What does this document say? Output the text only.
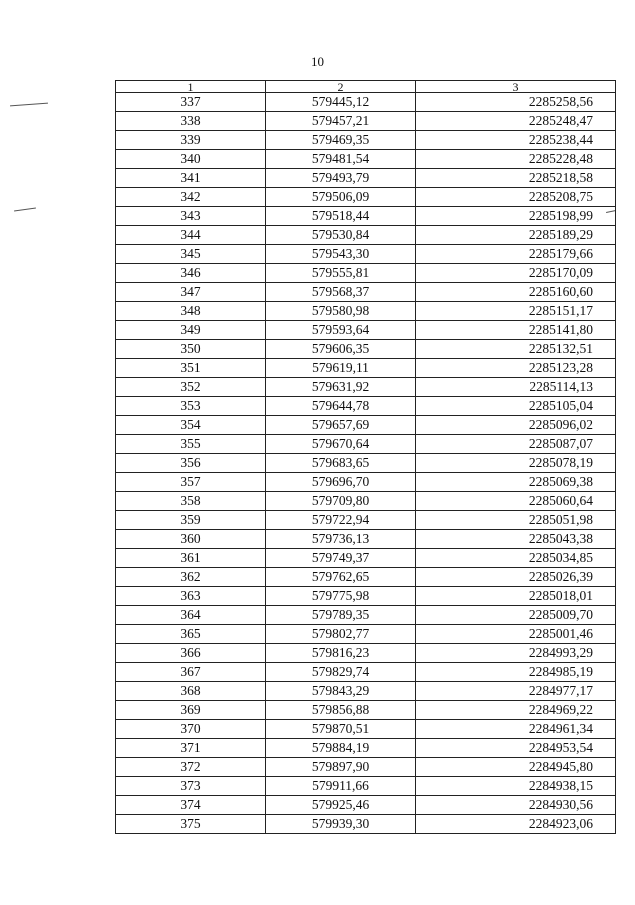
10
1	2	3
337	579445,12	2285258,56
338	579457,21	2285248,47
339	579469,35	2285238,44
340	579481,54	2285228,48
341	579493,79	2285218,58
342	579506,09	2285208,75
343	579518,44	2285198,99
344	579530,84	2285189,29
345	579543,30	2285179,66
346	579555,81	2285170,09
347	579568,37	2285160,60
348	579580,98	2285151,17
349	579593,64	2285141,80
350	579606,35	2285132,51
351	579619,11	2285123,28
352	579631,92	2285114,13
353	579644,78	2285105,04
354	579657,69	2285096,02
355	579670,64	2285087,07
356	579683,65	2285078,19
357	579696,70	2285069,38
358	579709,80	2285060,64
359	579722,94	2285051,98
360	579736,13	2285043,38
361	579749,37	2285034,85
362	579762,65	2285026,39
363	579775,98	2285018,01
364	579789,35	2285009,70
365	579802,77	2285001,46
366	579816,23	2284993,29
367	579829,74	2284985,19
368	579843,29	2284977,17
369	579856,88	2284969,22
370	579870,51	2284961,34
371	579884,19	2284953,54
372	579897,90	2284945,80
373	579911,66	2284938,15
374	579925,46	2284930,56
375	579939,30	2284923,06
